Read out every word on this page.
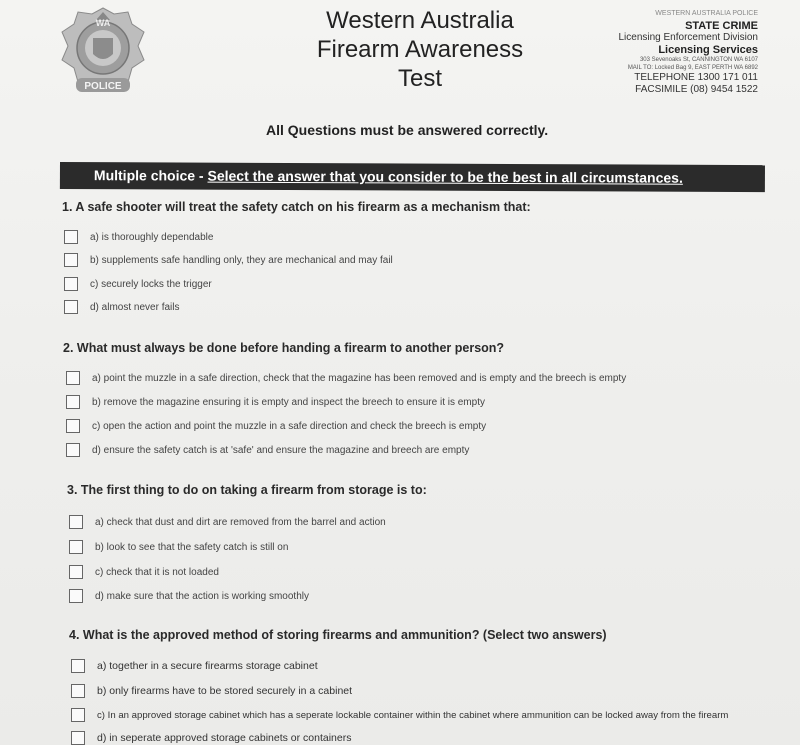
WA
POLICE
Western Australia
Firearm Awareness
Test
WESTERN AUSTRALIA POLICE
STATE CRIME
Licensing Enforcement Division
Licensing Services
303 Sevenoaks St, CANNINGTON WA 6107
MAIL TO: Locked Bag 9, EAST PERTH WA 6892
TELEPHONE 1300 171 011
FACSIMILE (08) 9454 1522
All Questions must be answered correctly.
Multiple choice - Select the answer that you consider to be the best in all circumstances.
1. A safe shooter will treat the safety catch on his firearm as a mechanism that:
a) is thoroughly dependable
b) supplements safe handling only, they are mechanical and may fail
c) securely locks the trigger
d) almost never fails
2. What must always be done before handing a firearm to another person?
a) point the muzzle in a safe direction, check that the magazine has been removed and is empty and the breech is empty
b) remove the magazine ensuring it is empty and inspect the breech to ensure it is empty
c) open the action and point the muzzle in a safe direction and check the breech is empty
d) ensure the safety catch is at 'safe' and ensure the magazine and breech are empty
3. The first thing to do on taking a firearm from storage is to:
a) check that dust and dirt are removed from the barrel and action
b) look to see that the safety catch is still on
c) check that it is not loaded
d) make sure that the action is working smoothly
4. What is the approved method of storing firearms and ammunition? (Select two answers)
a) together in a secure firearms storage cabinet
b) only firearms have to be stored securely in a cabinet
c) In an approved storage cabinet which has a seperate lockable container within the cabinet where ammunition can be locked away from the firearm
d) in seperate approved storage cabinets or containers
